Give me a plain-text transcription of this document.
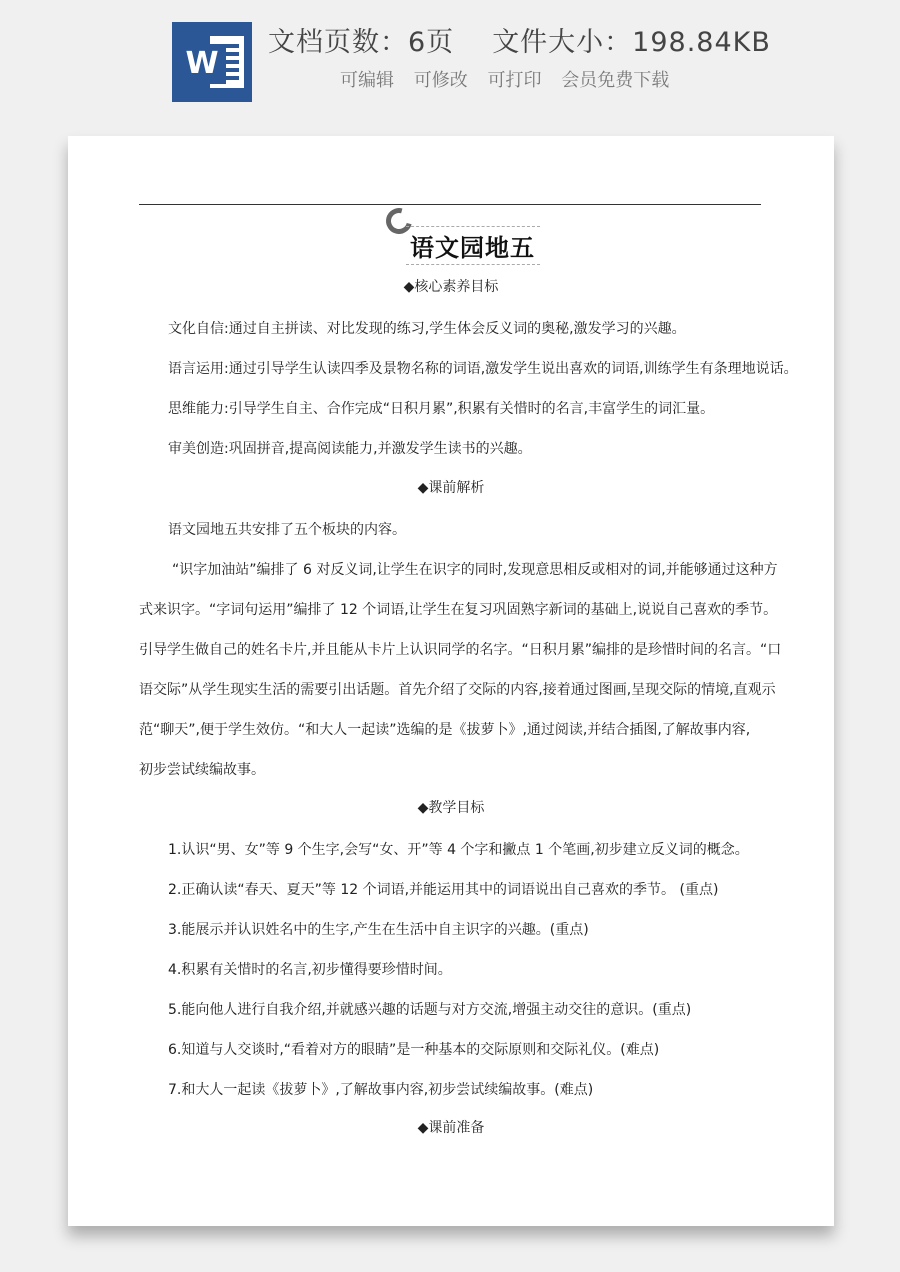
W
文档页数：6页 文件大小：198.84KB
可编辑 可修改 可打印 会员免费下载
语文园地五
◆核心素养目标
文化自信:通过自主拼读、对比发现的练习,学生体会反义词的奥秘,激发学习的兴趣。
语言运用:通过引导学生认读四季及景物名称的词语,激发学生说出喜欢的词语,训练学生有条理地说话。
思维能力:引导学生自主、合作完成“日积月累”,积累有关惜时的名言,丰富学生的词汇量。
审美创造:巩固拼音,提高阅读能力,并激发学生读书的兴趣。
◆课前解析
语文园地五共安排了五个板块的内容。
“识字加油站”编排了 6 对反义词,让学生在识字的同时,发现意思相反或相对的词,并能够通过这种方
式来识字。“字词句运用”编排了 12 个词语,让学生在复习巩固熟字新词的基础上,说说自己喜欢的季节。
引导学生做自己的姓名卡片,并且能从卡片上认识同学的名字。“日积月累”编排的是珍惜时间的名言。“口
语交际”从学生现实生活的需要引出话题。首先介绍了交际的内容,接着通过图画,呈现交际的情境,直观示
范“聊天”,便于学生效仿。“和大人一起读”选编的是《拔萝卜》,通过阅读,并结合插图,了解故事内容,
初步尝试续编故事。
◆教学目标
1.认识“男、女”等 9 个生字,会写“女、开”等 4 个字和撇点 1 个笔画,初步建立反义词的概念。
2.正确认读“春天、夏天”等 12 个词语,并能运用其中的词语说出自己喜欢的季节。 (重点)
3.能展示并认识姓名中的生字,产生在生活中自主识字的兴趣。(重点)
4.积累有关惜时的名言,初步懂得要珍惜时间。
5.能向他人进行自我介绍,并就感兴趣的话题与对方交流,增强主动交往的意识。(重点)
6.知道与人交谈时,“看着对方的眼睛”是一种基本的交际原则和交际礼仪。(难点)
7.和大人一起读《拔萝卜》,了解故事内容,初步尝试续编故事。(难点)
◆课前准备
